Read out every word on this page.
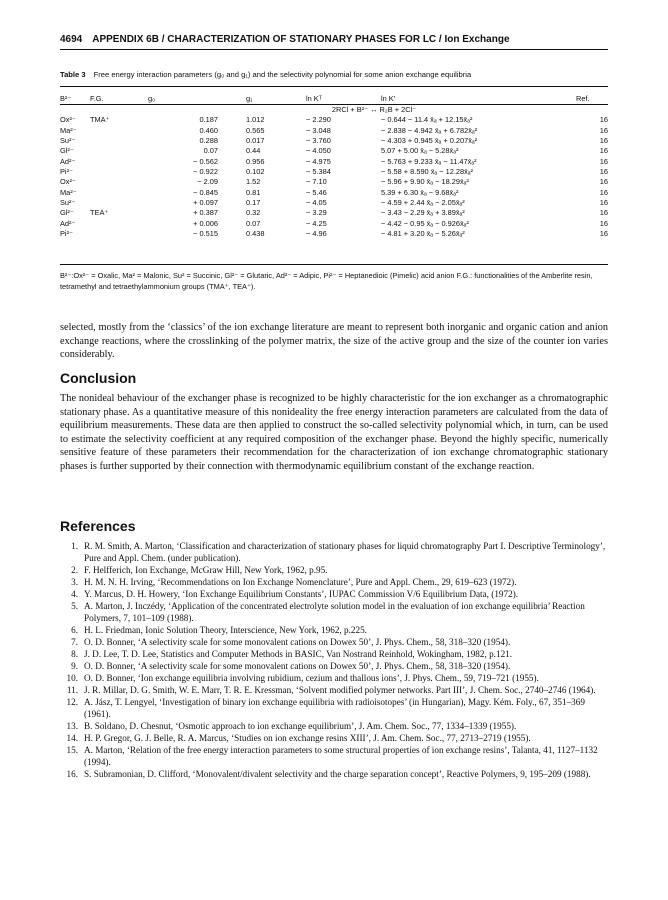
4694 APPENDIX 6B / CHARACTERIZATION OF STATIONARY PHASES FOR LC / Ion Exchange
Table 3 Free energy interaction parameters (g₀ and g₁) and the selectivity polynomial for some anion exchange equilibria
B²⁻	F.G.	g₀	g₁	ln Kᵀ	ln K′	Ref.
2RCl + B²⁻ ↔ R₂B + 2Cl⁻						
Ox²⁻	TMA⁺	0.187	1.012	− 2.290	− 0.644 − 11.4 x̄ₐ + 12.15x̄ₐ²	16
Ma²⁻		0.460	0.565	− 3.048	− 2.838 − 4.942 x̄ₐ + 6.782x̄ₐ²	16
Su²⁻		0.288	0.017	− 3.760	− 4.303 + 0.945 x̄ₐ + 0.207x̄ₐ²	16
Gl²⁻		0.07	0.44	− 4.050	5.07 + 5.00 x̄ₐ − 5.28x̄ₐ²	16
Ad²⁻		− 0.562	0.956	− 4.975	− 5.763 + 9.233 x̄ₐ − 11.47x̄ₐ²	16
Pi²⁻		− 0.922	0.102	− 5.384	− 5.58 + 8.590 x̄ₐ − 12.28x̄ₐ²	16
Ox²⁻		− 2.09	1.52	− 7.10	− 5.96 + 9.90 x̄ₐ − 18.29x̄ₐ²	16
Ma²⁻		− 0.845	0.81	− 5.46	5.39 + 6.30 x̄ₐ − 9.68x̄ₐ²	16
Su²⁻		+ 0.097	0.17	− 4.05	− 4.59 + 2.44 x̄ₐ − 2.05x̄ₐ²	16
Gl²⁻	TEA⁺	+ 0.387	0.32	− 3.29	− 3.43 − 2.29 x̄ₐ + 3.89x̄ₐ²	16
Ad²⁻		+ 0.006	0.07	− 4.25	− 4.42 − 0.95 x̄ₐ − 0.926x̄ₐ²	16
Pi²⁻		− 0.515	0.438	− 4.96	− 4.81 + 3.20 x̄ₐ − 5.26x̄ₐ²	16
B²⁻:Ox²⁻ = Oxalic, Ma² = Malonic, Su² = Succinic, Gl²⁻ = Glutaric, Ad²⁻ = Adipic, Pi²⁻ = Heptanedioic (Pimelic) acid anion F.G.: functionalities of the Amberlite resin, tetramethyl and tetraethylammonium groups (TMA⁺, TEA⁺).

selected, mostly from the ‘classics’ of the ion exchange literature are meant to represent both inorganic and organic cation and anion exchange reactions, where the crosslinking of the polymer matrix, the size of the active group and the size of the counter ion varies considerably.

Conclusion

The nonideal behaviour of the exchanger phase is recognized to be highly characteristic for the ion exchanger as a chromatographic stationary phase. As a quantitative measure of this nonideality the free energy interaction parameters are calculated from the data of equilibrium measurements. These data are then applied to construct the so-called selectivity polynomial which, in turn, can be used to estimate the selectivity coefficient at any required composition of the exchanger phase. Beyond the highly specific, numerically sensitive feature of these parameters their recommendation for the characterization of ion exchange chromatographic stationary phases is further supported by their connection with thermodynamic equilibrium constant of the exchange reaction.

References
1. R. M. Smith, A. Marton, ‘Classification and characterization of stationary phases for liquid chromatography Part I. Descriptive Terminology’, Pure and Appl. Chem. (under publication).
2. F. Helfferich, Ion Exchange, McGraw Hill, New York, 1962, p.95.
3. H. M. N. H. Irving, ‘Recommendations on Ion Exchange Nomenclature’, Pure and Appl. Chem., 29, 619–623 (1972).
4. Y. Marcus, D. H. Howery, ‘Ion Exchange Equilibrium Constants’, IUPAC Commission V/6 Equilibrium Data, (1972).
5. A. Marton, J. Inczédy, ‘Application of the concentrated electrolyte solution model in the evaluation of ion exchange equilibria’ Reaction Polymers, 7, 101–109 (1988).
6. H. L. Friedman, Ionic Solution Theory, Interscience, New York, 1962, p.225.
7. O. D. Bonner, ‘A selectivity scale for some monovalent cations on Dowex 50’, J. Phys. Chem., 58, 318–320 (1954).
8. J. D. Lee, T. D. Lee, Statistics and Computer Methods in BASIC, Van Nostrand Reinhold, Wokingham, 1982, p.121.
9. O. D. Bonner, ‘A selectivity scale for some monovalent cations on Dowex 50’, J. Phys. Chem., 58, 318–320 (1954).
10. O. D. Bonner, ‘Ion exchange equilibria involving rubidium, cezium and thallous ions’, J. Phys. Chem., 59, 719–721 (1955).
11. J. R. Millar, D. G. Smith, W. E. Marr, T. R. E. Kressman, ‘Solvent modified polymer networks. Part III’, J. Chem. Soc., 2740–2746 (1964).
12. A. Jász, T. Lengyel, ‘Investigation of binary ion exchange equilibria with radioisotopes’ (in Hungarian), Magy. Kém. Foly., 67, 351–369 (1961).
13. B. Soldano, D. Chesnut, ‘Osmotic approach to ion exchange equilibrium’, J. Am. Chem. Soc., 77, 1334–1339 (1955).
14. H. P. Gregor, G. J. Belle, R. A. Marcus, ‘Studies on ion exchange resins XIII’, J. Am. Chem. Soc., 77, 2713–2719 (1955).
15. A. Marton, ‘Relation of the free energy interaction parameters to some structural properties of ion exchange resins’, Talanta, 41, 1127–1132 (1994).
16. S. Subramonian, D. Clifford, ‘Monovalent/divalent selectivity and the charge separation concept’, Reactive Polymers, 9, 195–209 (1988).
